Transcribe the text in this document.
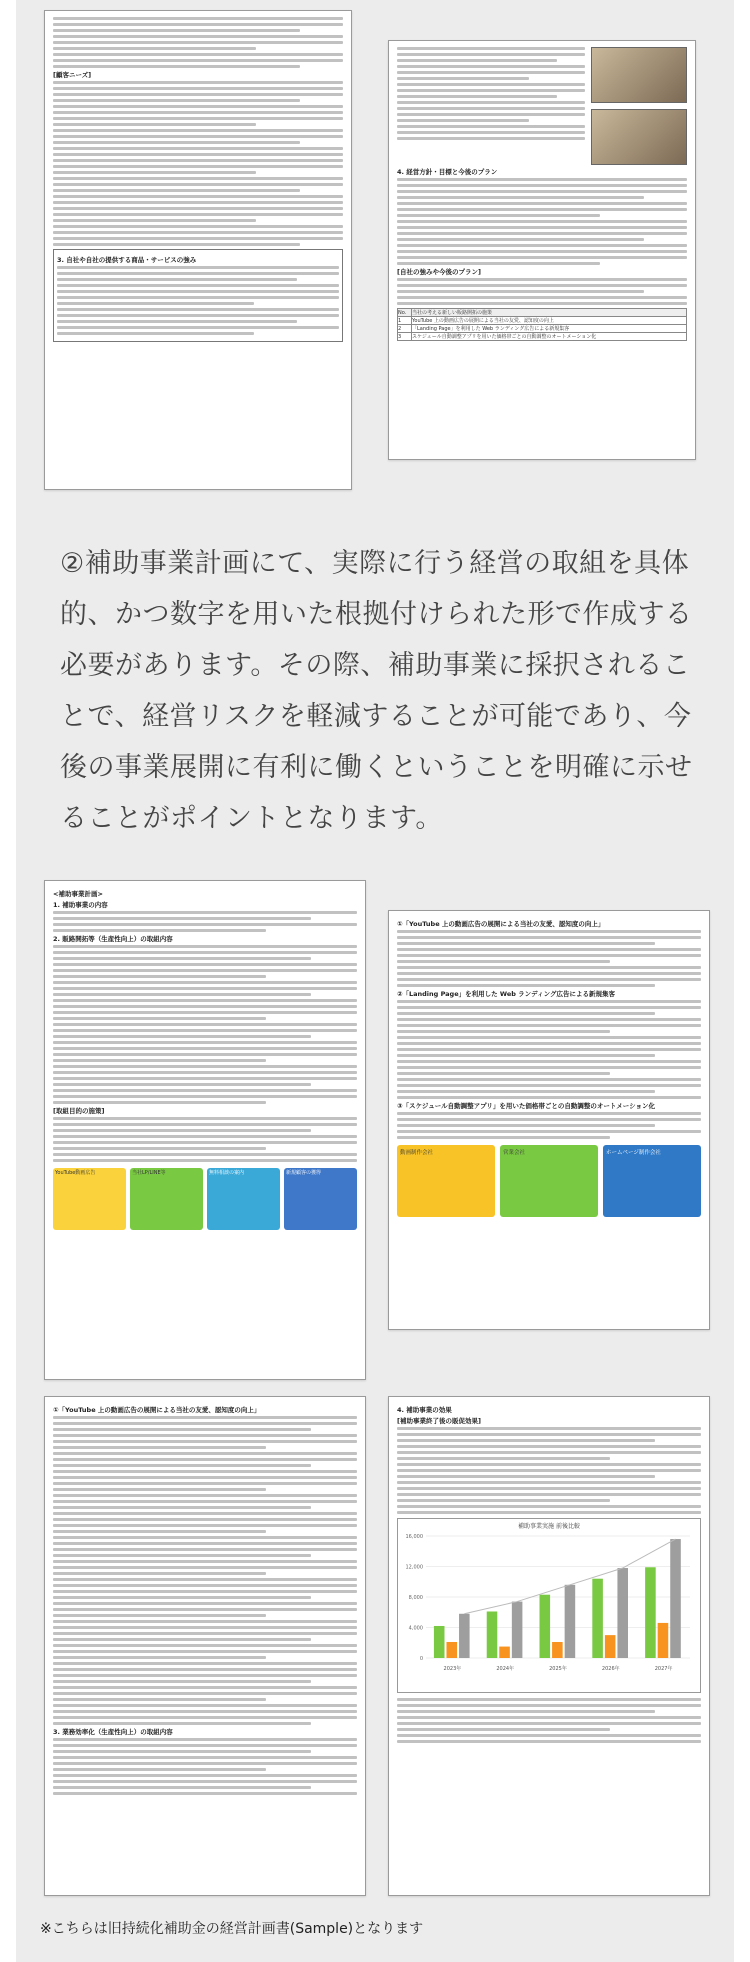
[顧客ニーズ]
3. 自社や自社の提供する商品・サービスの強み
4. 経営方針・目標と今後のプラン
[自社の強みや今後のプラン]
No.	当社の考える新しい販路開拓の施策
1	YouTube 上の動画広告の展開による当社の友愛、認知度の向上
2	「Landing Page」を利用した Web ランディング広告による新規集客
3	スケジュール自動調整アプリを用いた価格帯ごとの自動調整のオートメーション化
②補助事業計画にて、実際に行う経営の取組を具体的、かつ数字を用いた根拠付けられた形で作成する必要があります。その際、補助事業に採択されることで、経営リスクを軽減することが可能であり、今後の事業展開に有利に働くということを明確に示せることがポイントとなります。
<補助事業計画>
1. 補助事業の内容
2. 販路開拓等（生産性向上）の取組内容
[取組目的の施策]
YouTube動画広告	当社LP/LINE等	無料相談の案内	新規顧客の獲得
①「YouTube 上の動画広告の展開による当社の友愛、認知度の向上」
②「Landing Page」を利用した Web ランディング広告による新規集客
③「スケジュール自動調整アプリ」を用いた価格帯ごとの自動調整のオートメーション化
動画制作会社	営業会社	ホームページ制作会社
①「YouTube 上の動画広告の展開による当社の友愛、認知度の向上」
3. 業務効率化（生産性向上）の取組内容
4. 補助事業の効果
[補助事業終了後の販促効果]
補助事業実施 前後比較
0
4,000
8,000
12,000
16,000
2023年	2024年	2025年	2026年	2027年
※こちらは旧持続化補助金の経営計画書(Sample)となります
